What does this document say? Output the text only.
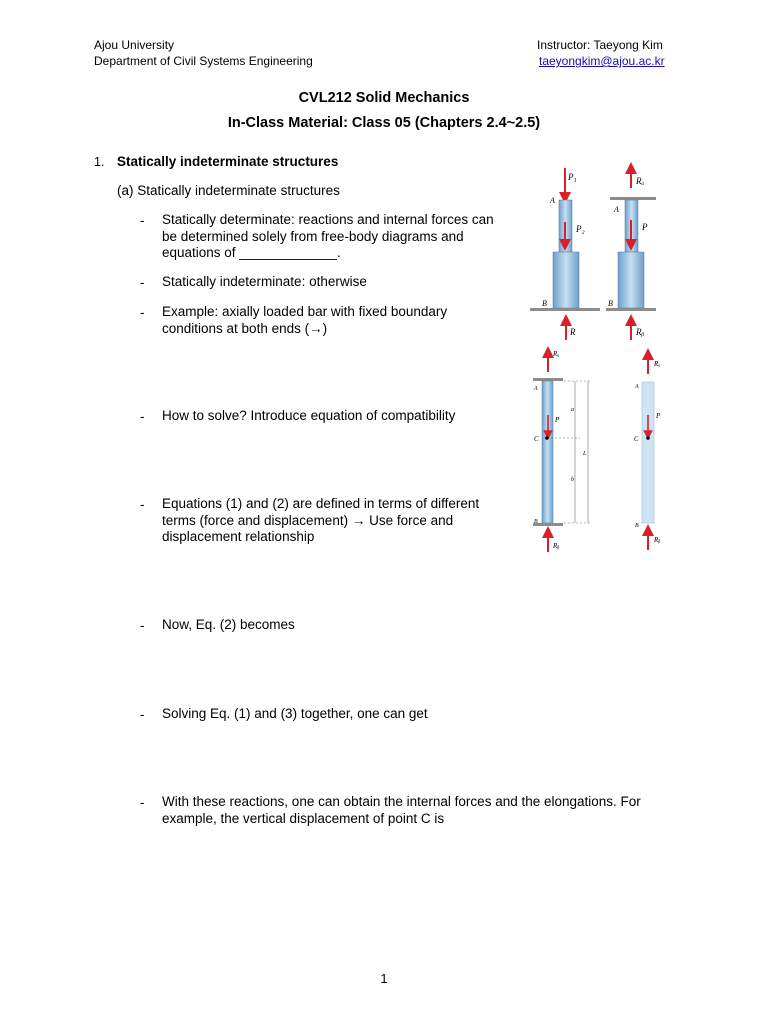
Ajou University
Department of Civil Systems Engineering
Instructor: Taeyong Kim
taeyongkim@ajou.ac.kr
CVL212 Solid Mechanics
In-Class Material: Class 05 (Chapters 2.4~2.5)
1. Statically indeterminate structures
(a) Statically indeterminate structures
- Statically determinate: reactions and internal forces can be determined solely from free-body diagrams and equations of _____________.
- Statically indeterminate: otherwise
- Example: axially loaded bar with fixed boundary conditions at both ends (→)
- How to solve? Introduce equation of compatibility
- Equations (1) and (2) are defined in terms of different terms (force and displacement) → Use force and displacement relationship
- Now, Eq. (2) becomes
- Solving Eq. (1) and (3) together, one can get
- With these reactions, one can obtain the internal forces and the elongations. For example, the vertical displacement of point C is
P₁
A
P₂
B
R
Rₐ
A
P
B
Rᵦ
Rₐ
A
P
C
B
Rᵦ
a
b
L
Rₐ
A
P
C
B
Rᵦ
1
